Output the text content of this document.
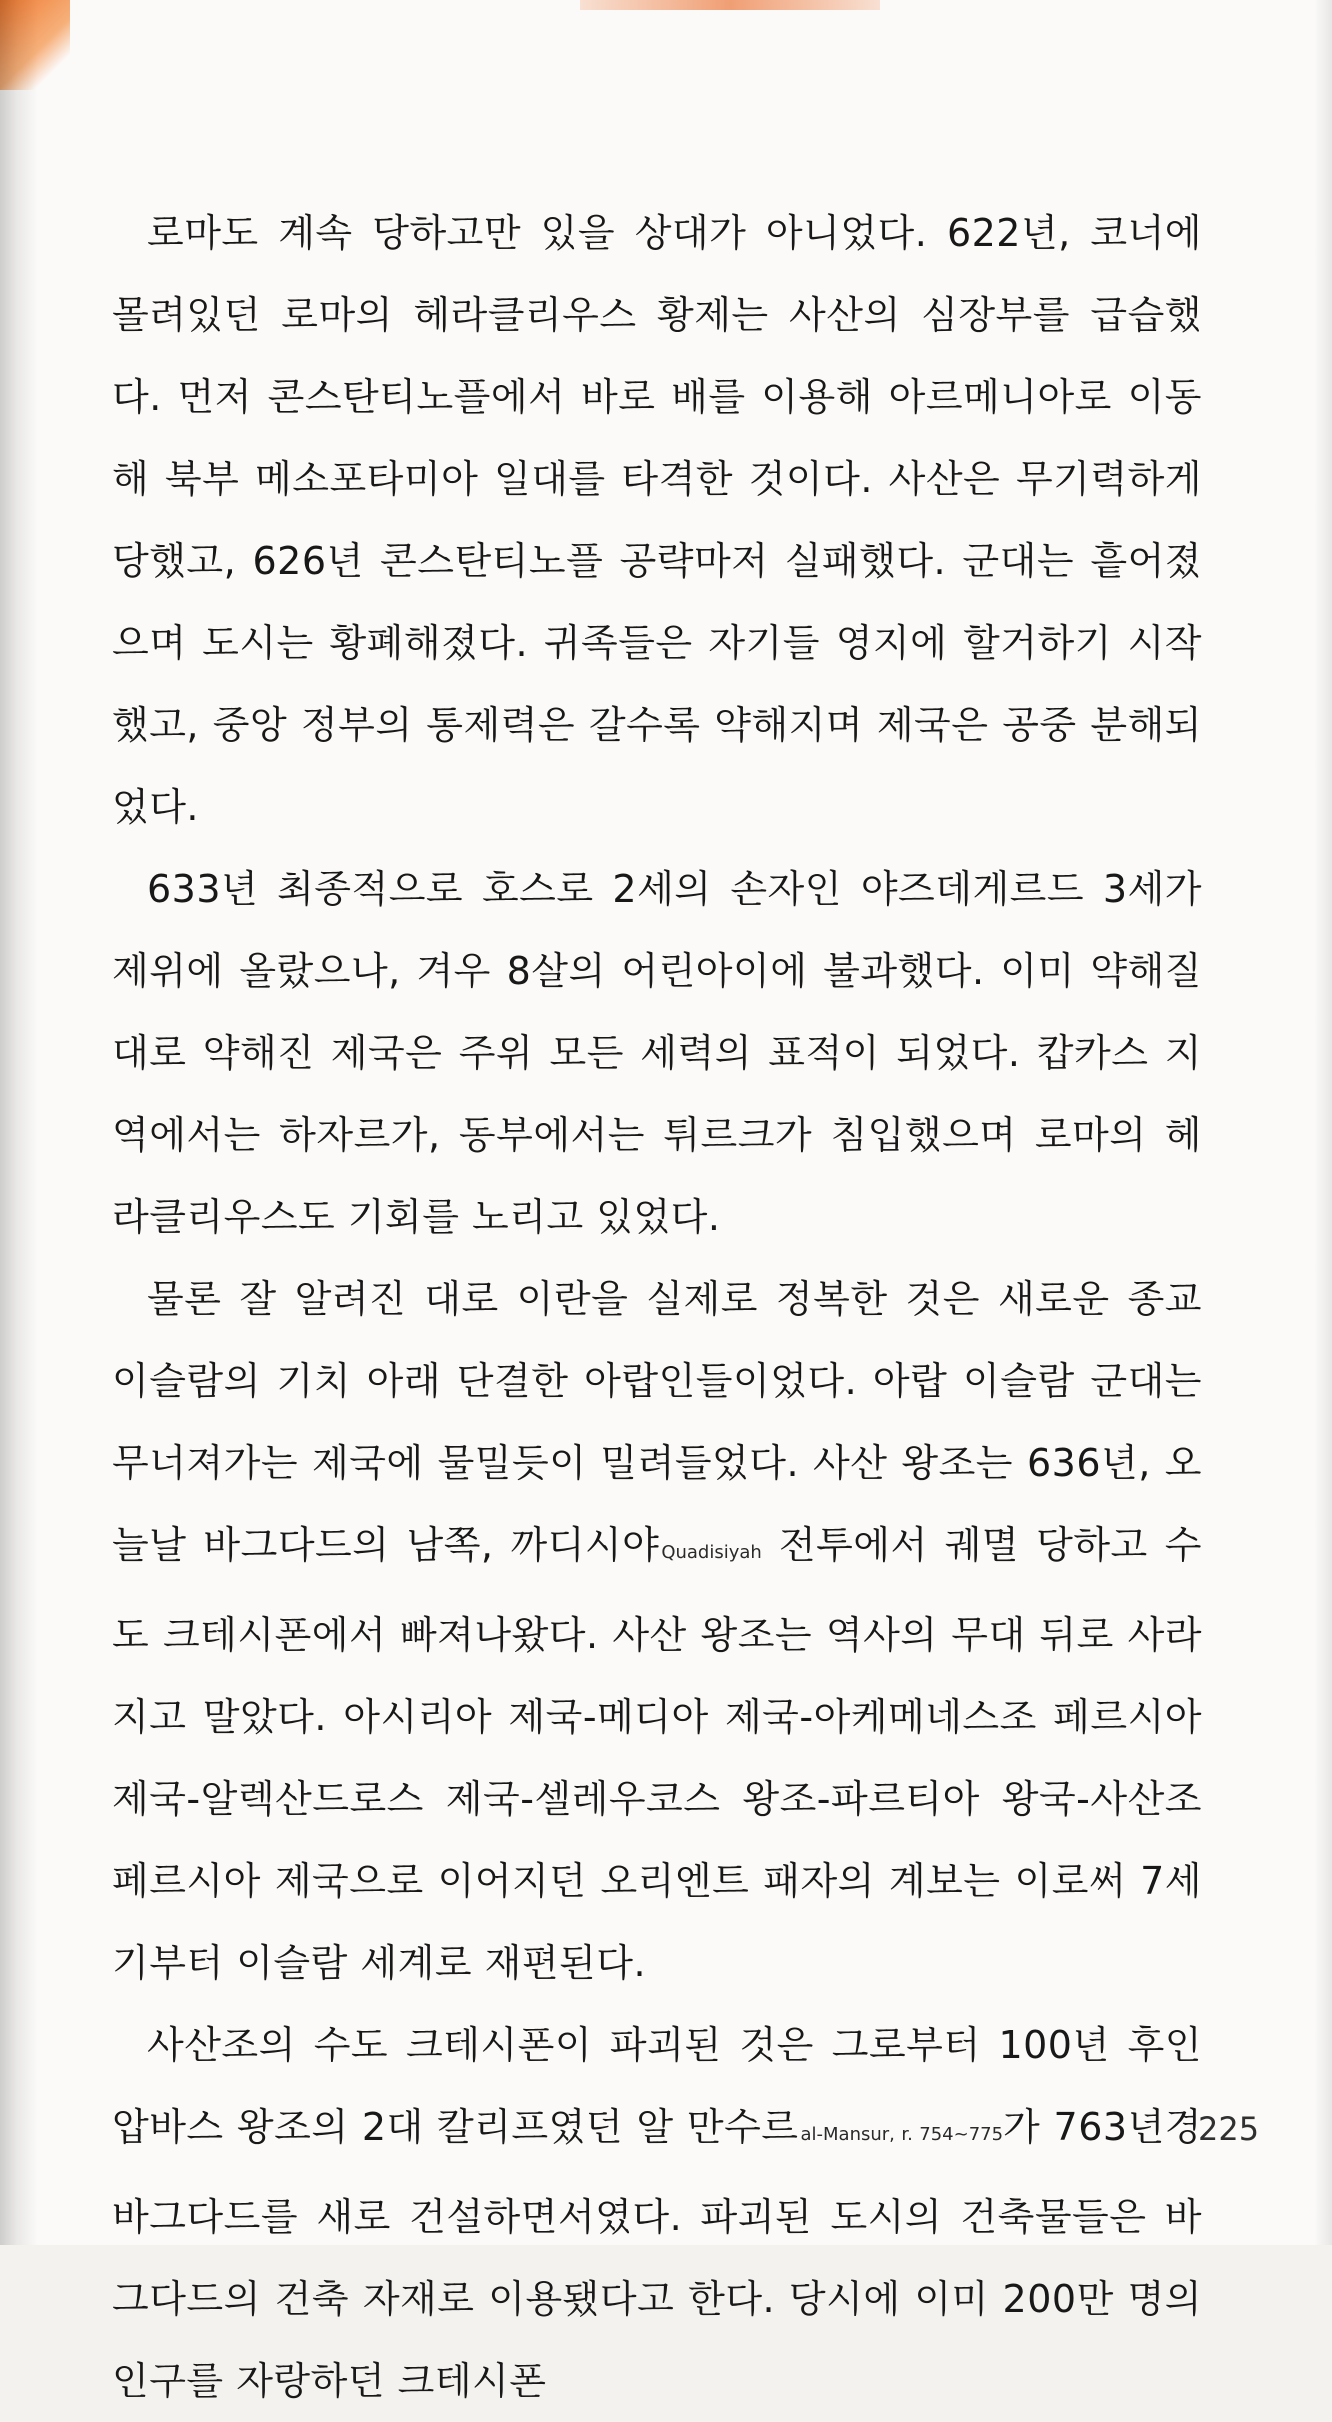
로마도 계속 당하고만 있을 상대가 아니었다. 622년, 코너에 몰려있던 로마의 헤라클리우스 황제는 사산의 심장부를 급습했다. 먼저 콘스탄티노플에서 바로 배를 이용해 아르메니아로 이동해 북부 메소포타미아 일대를 타격한 것이다. 사산은 무기력하게 당했고, 626년 콘스탄티노플 공략마저 실패했다. 군대는 흩어졌으며 도시는 황폐해졌다. 귀족들은 자기들 영지에 할거하기 시작했고, 중앙 정부의 통제력은 갈수록 약해지며 제국은 공중 분해되었다.

633년 최종적으로 호스로 2세의 손자인 야즈데게르드 3세가 제위에 올랐으나, 겨우 8살의 어린아이에 불과했다. 이미 약해질 대로 약해진 제국은 주위 모든 세력의 표적이 되었다. 캅카스 지역에서는 하자르가, 동부에서는 튀르크가 침입했으며 로마의 헤라클리우스도 기회를 노리고 있었다.

물론 잘 알려진 대로 이란을 실제로 정복한 것은 새로운 종교 이슬람의 기치 아래 단결한 아랍인들이었다. 아랍 이슬람 군대는 무너져가는 제국에 물밀듯이 밀려들었다. 사산 왕조는 636년, 오늘날 바그다드의 남쪽, 까디시야 Quadisiyah 전투에서 궤멸 당하고 수도 크테시폰에서 빠져나왔다. 사산 왕조는 역사의 무대 뒤로 사라지고 말았다. 아시리아 제국-메디아 제국-아케메네스조 페르시아 제국-알렉산드로스 제국-셀레우코스 왕조-파르티아 왕국-사산조 페르시아 제국으로 이어지던 오리엔트 패자의 계보는 이로써 7세기부터 이슬람 세계로 재편된다.

사산조의 수도 크테시폰이 파괴된 것은 그로부터 100년 후인 압바스 왕조의 2대 칼리프였던 알 만수르 al-Mansur, r. 754~775가 763년경 바그다드를 새로 건설하면서였다. 파괴된 도시의 건축물들은 바그다드의 건축 자재로 이용됐다고 한다. 당시에 이미 200만 명의 인구를 자랑하던 크테시폰

225
